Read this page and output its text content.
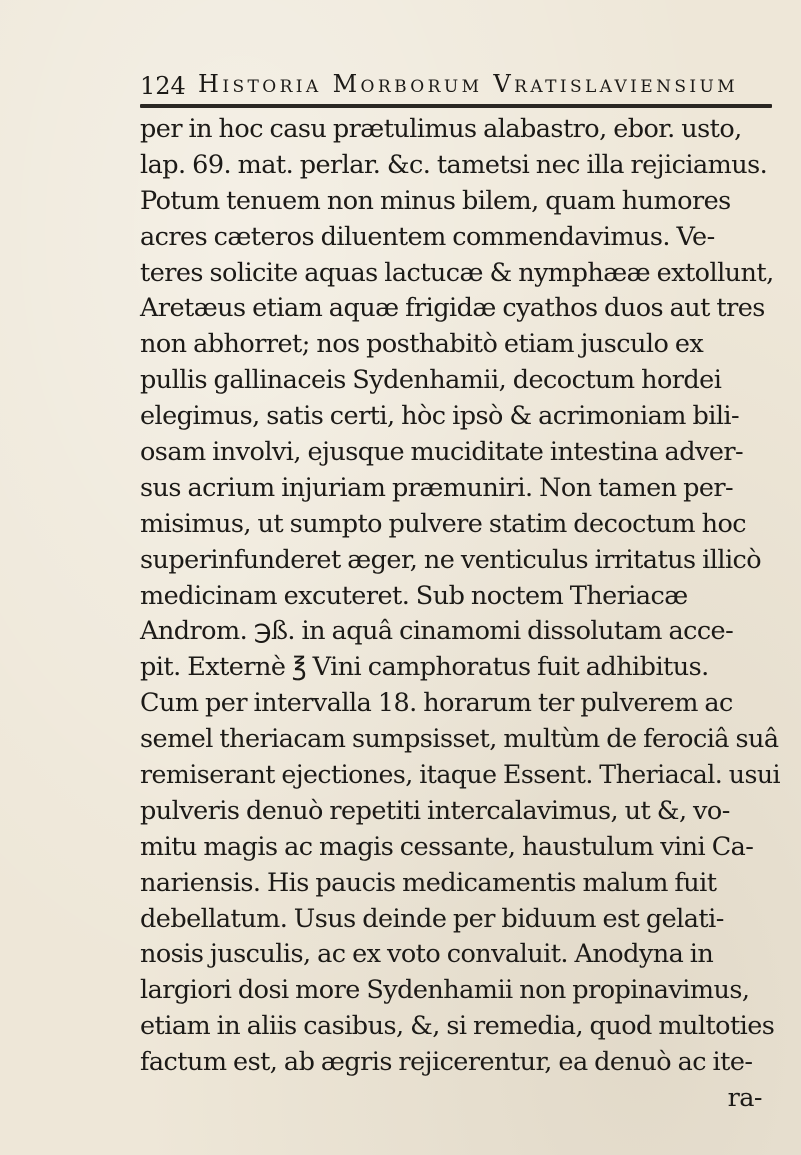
124 Historia Morborum Vratislaviensium
per in hoc casu prætulimus alabastro, ebor. usto,
lap. 69. mat. perlar. &c. tametsi nec illa rejiciamus.
Potum tenuem non minus bilem, quam humores
acres cæteros diluentem commendavimus. Ve-
teres solicite aquas lactucæ & nymphææ extollunt,
Aretæus etiam aquæ frigidæ cyathos duos aut tres
non abhorret; nos posthabitò etiam jusculo ex
pullis gallinaceis Sydenhamii, decoctum hordei
elegimus, satis certi, hòc ipsò & acrimoniam bili-
osam involvi, ejusque muciditate intestina adver-
sus acrium injuriam præmuniri. Non tamen per-
misimus, ut sumpto pulvere statim decoctum hoc
superinfunderet æger, ne venticulus irritatus illicò
medicinam excuteret. Sub noctem Theriacæ
Androm. ℈ß. in aquâ cinamomi dissolutam acce-
pit. Externè ℥ Vini camphoratus fuit adhibitus.
Cum per intervalla 18. horarum ter pulverem ac
semel theriacam sumpsisset, multùm de ferociâ suâ
remiserant ejectiones, itaque Essent. Theriacal. usui
pulveris denuò repetiti intercalavimus, ut &, vo-
mitu magis ac magis cessante, haustulum vini Ca-
nariensis. His paucis medicamentis malum fuit
debellatum. Usus deinde per biduum est gelati-
nosis jusculis, ac ex voto convaluit. Anodyna in
largiori dosi more Sydenhamii non propinavimus,
etiam in aliis casibus, &, si remedia, quod multoties
factum est, ab ægris rejicerentur, ea denuò ac ite-
ra-
